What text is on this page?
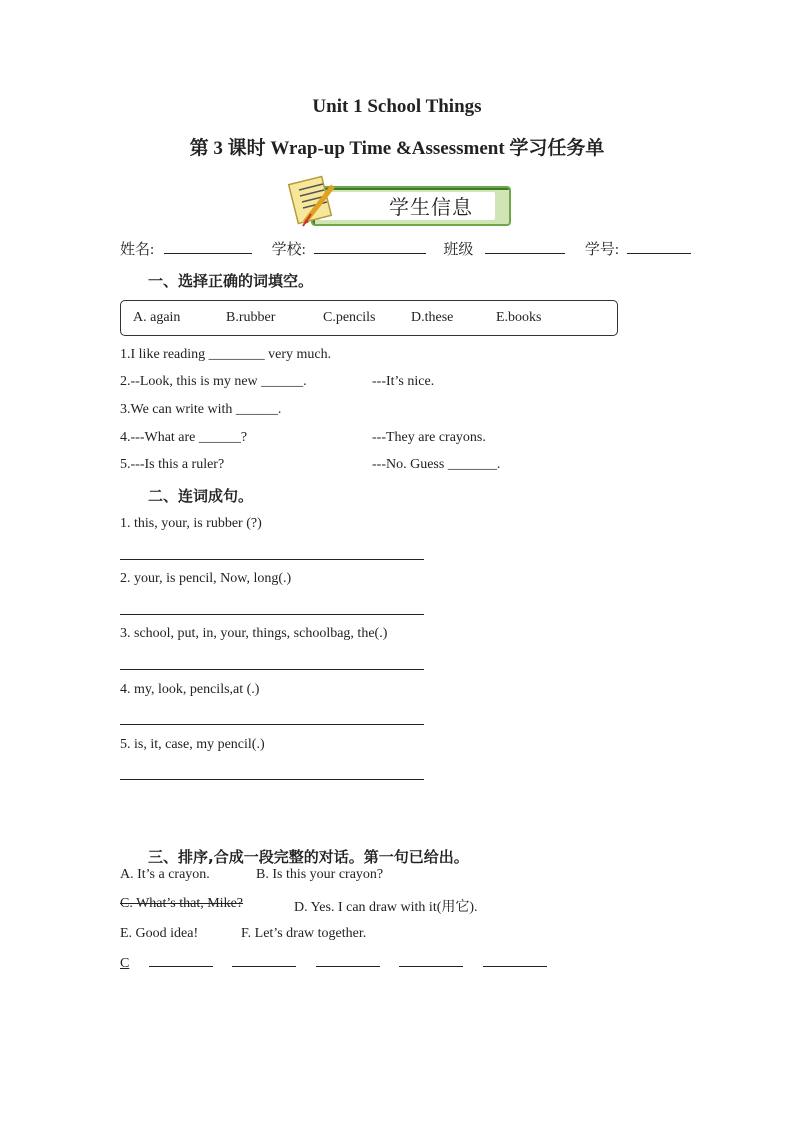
Unit 1 School Things
第 3 课时 Wrap-up Time &Assessment 学习任务单
学生信息
姓名:	学校:	班级	学号:
一、选择正确的词填空。
A. again	B.rubber	C.pencils	D.these	E.books
1.I like reading ________ very much.
2.--Look, this is my new ______.	---It’s nice.
3.We can write with ______.
4.---What are ______?	---They are crayons.
5.---Is this a ruler?	---No. Guess _______.
二、连词成句。
1. this, your, is rubber (?)
2. your, is pencil, Now, long(.)
3. school, put, in, your, things, schoolbag, the(.)
4. my, look, pencils,at (.)
5. is, it, case, my pencil(.)
三、排序,合成一段完整的对话。第一句已给出。
A. It’s a crayon.	B. Is this your crayon?
C. What’s that, Mike?	D. Yes. I can draw with it(用它).
E. Good idea!	F. Let’s draw together.
C
